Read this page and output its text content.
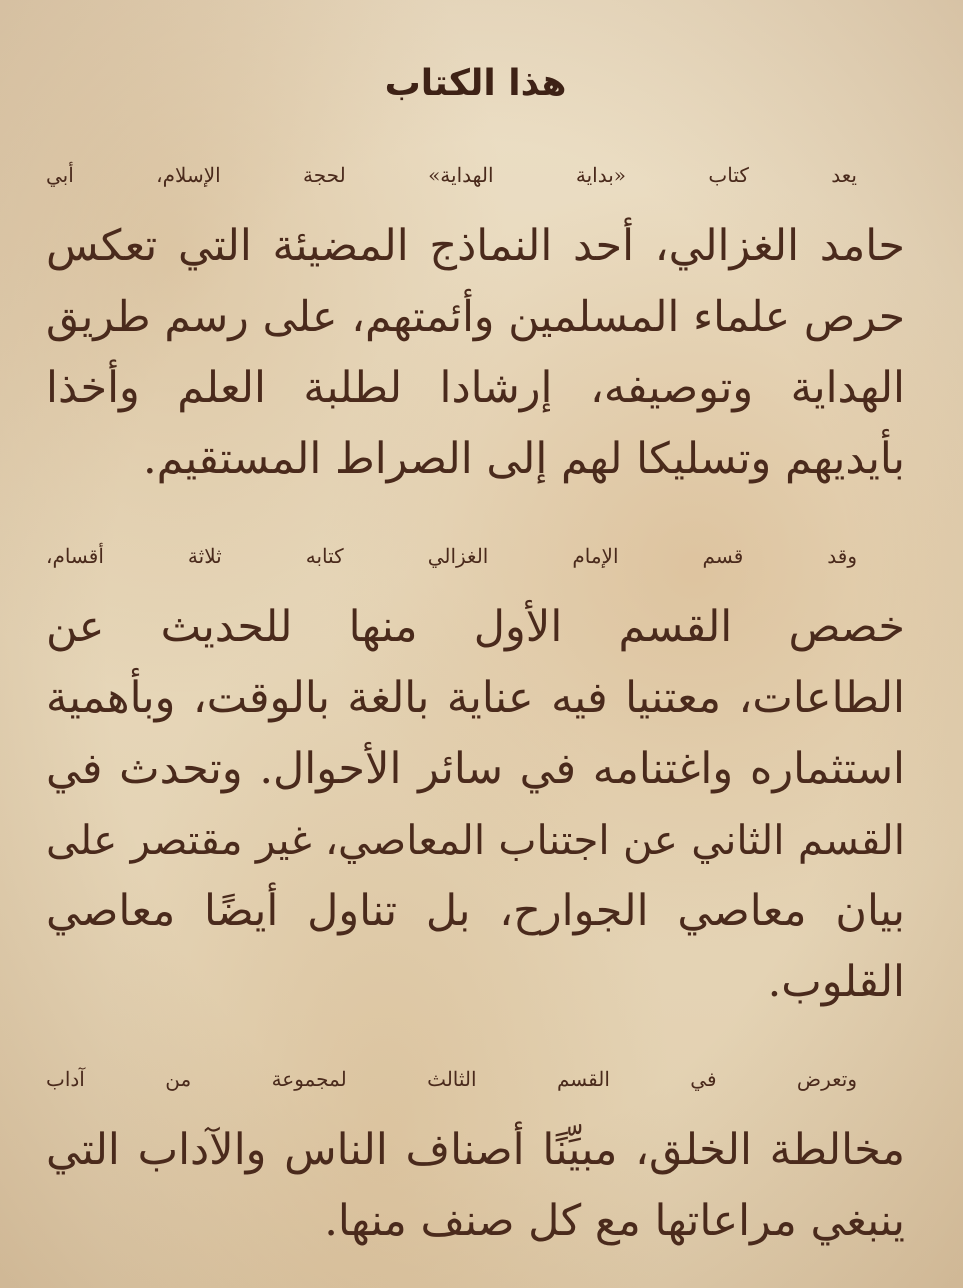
هذا الكتاب
يعد كتاب «بداية الهداية» لحجة الإسلام، أبي
حامد الغزالي، أحد النماذج المضيئة التي تعكس
حرص علماء المسلمين وأئمتهم، على رسم طريق
الهداية وتوصيفه، إرشادا لطلبة العلم وأخذا
بأيديهم وتسليكا لهم إلى الصراط المستقيم.
وقد قسم الإمام الغزالي كتابه ثلاثة أقسام،
خصص القسم الأول منها للحديث عن
الطاعات، معتنيا فيه عناية بالغة بالوقت، وبأهمية
استثماره واغتنامه في سائر الأحوال. وتحدث في
القسم الثاني عن اجتناب المعاصي، غير مقتصر على
بيان معاصي الجوارح، بل تناول أيضًا معاصي
القلوب.
وتعرض في القسم الثالث لمجموعة من آداب
مخالطة الخلق، مبيِّنًا أصناف الناس والآداب التي
ينبغي مراعاتها مع كل صنف منها.
